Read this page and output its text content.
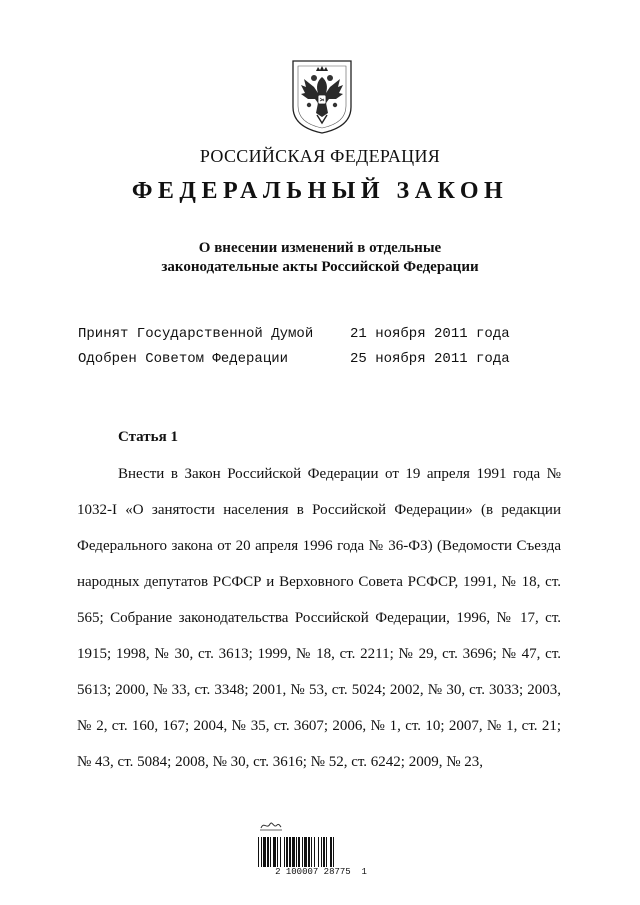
РОССИЙСКАЯ ФЕДЕРАЦИЯ
ФЕДЕРАЛЬНЫЙ ЗАКОН
О внесении изменений в отдельные
законодательные акты Российской Федерации
Принят Государственной Думой	21 ноября 2011 года
Одобрен Советом Федерации	25 ноября 2011 года
Статья 1
Внести в Закон Российской Федерации от 19 апреля 1991 года № 1032-I «О занятости населения в Российской Федерации» (в редакции Федерального закона от 20 апреля 1996 года № 36-ФЗ) (Ведомости Съезда народных депутатов РСФСР и Верховного Совета РСФСР, 1991, № 18, ст. 565; Собрание законодательства Российской Федерации, 1996, № 17, ст. 1915; 1998, № 30, ст. 3613; 1999, № 18, ст. 2211; № 29, ст. 3696; № 47, ст. 5613; 2000, № 33, ст. 3348; 2001, № 53, ст. 5024; 2002, № 30, ст. 3033; 2003, № 2, ст. 160, 167; 2004, № 35, ст. 3607; 2006, № 1, ст. 10; 2007, № 1, ст. 21; № 43, ст. 5084; 2008, № 30, ст. 3616; № 52, ст. 6242; 2009, № 23,
2 100007 28775  1
